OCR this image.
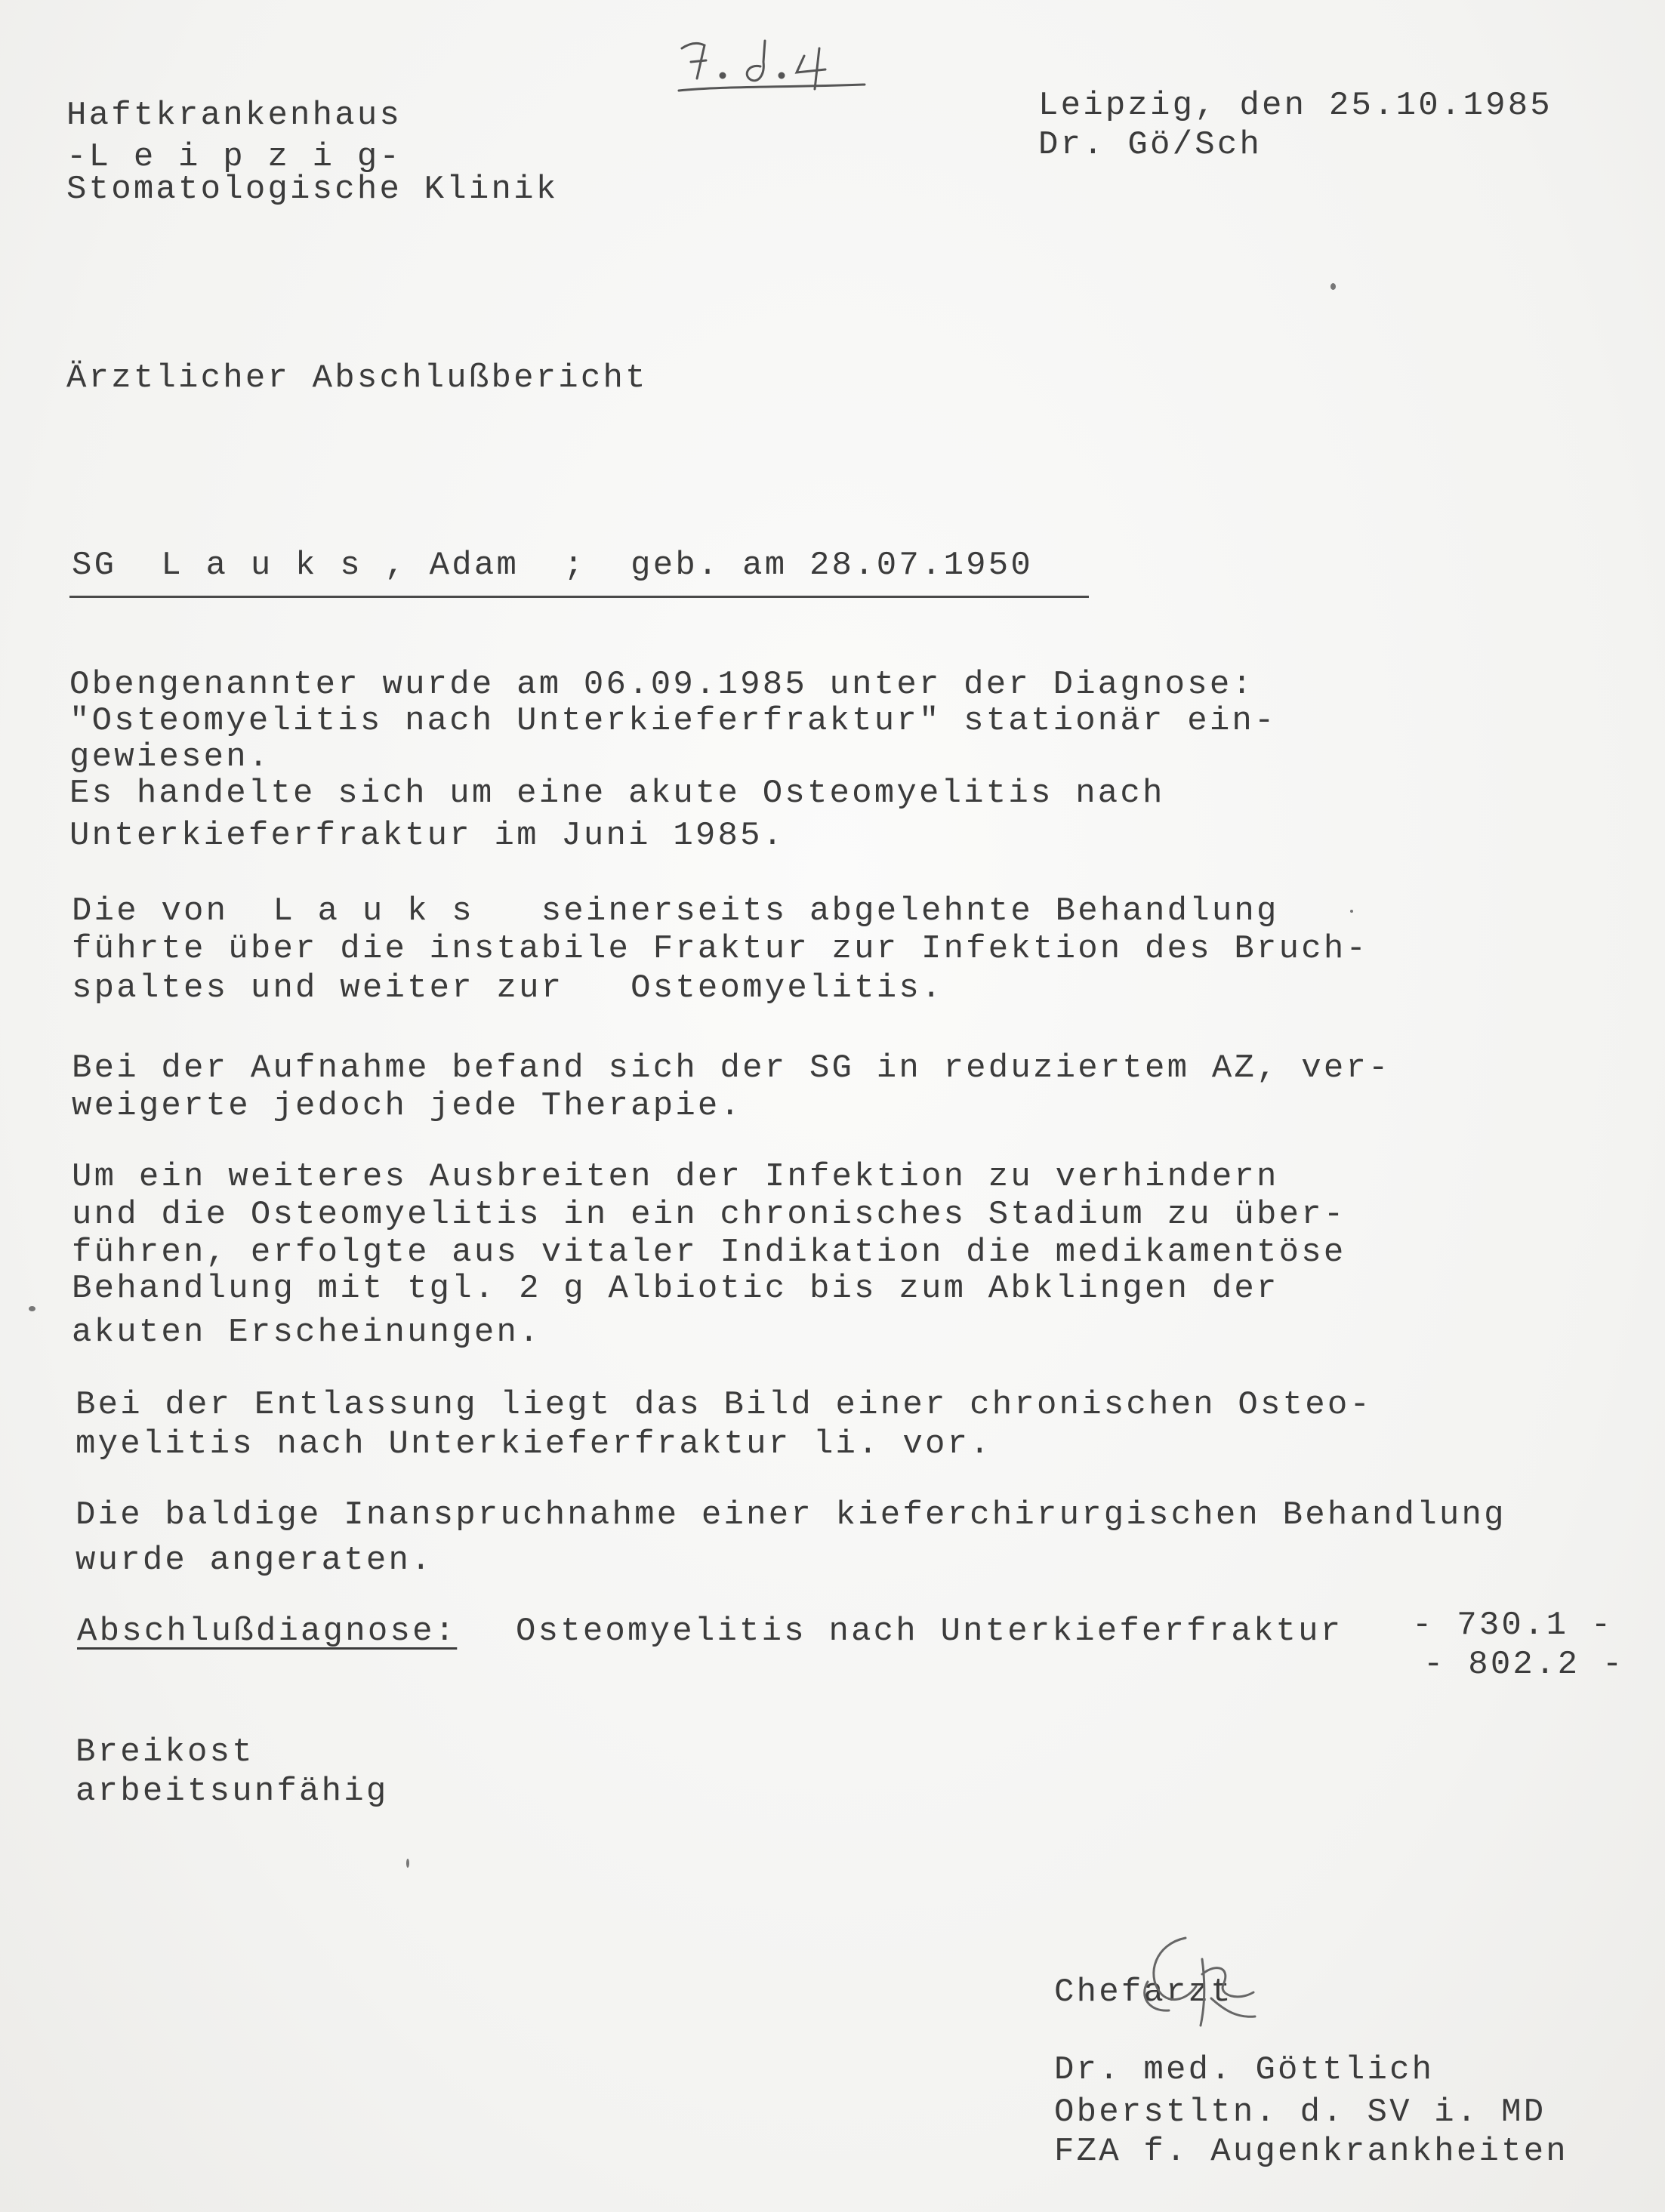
Haftkrankenhaus
-L e i p z i g-
Stomatologische Klinik
Leipzig, den 25.10.1985
Dr. Gö/Sch
Ärztlicher Abschlußbericht
SG  L a u k s , Adam  ;  geb. am 28.07.1950
Obengenannter wurde am 06.09.1985 unter der Diagnose:
"Osteomyelitis nach Unterkieferfraktur" stationär ein-
gewiesen.
Es handelte sich um eine akute Osteomyelitis nach
Unterkieferfraktur im Juni 1985.
Die von  L a u k s   seinerseits abgelehnte Behandlung
führte über die instabile Fraktur zur Infektion des Bruch-
spaltes und weiter zur   Osteomyelitis.
Bei der Aufnahme befand sich der SG in reduziertem AZ, ver-
weigerte jedoch jede Therapie.
Um ein weiteres Ausbreiten der Infektion zu verhindern
und die Osteomyelitis in ein chronisches Stadium zu über-
führen, erfolgte aus vitaler Indikation die medikamentöse
Behandlung mit tgl. 2 g Albiotic bis zum Abklingen der
akuten Erscheinungen.
Bei der Entlassung liegt das Bild einer chronischen Osteo-
myelitis nach Unterkieferfraktur li. vor.
Die baldige Inanspruchnahme einer kieferchirurgischen Behandlung
wurde angeraten.
Abschlußdiagnose: Osteomyelitis nach Unterkieferfraktur - 730.1 -
- 802.2 -
Breikost
arbeitsunfähig
Chefarzt
Dr. med. Göttlich
Oberstltn. d. SV i. MD
FZA f. Augenkrankheiten
